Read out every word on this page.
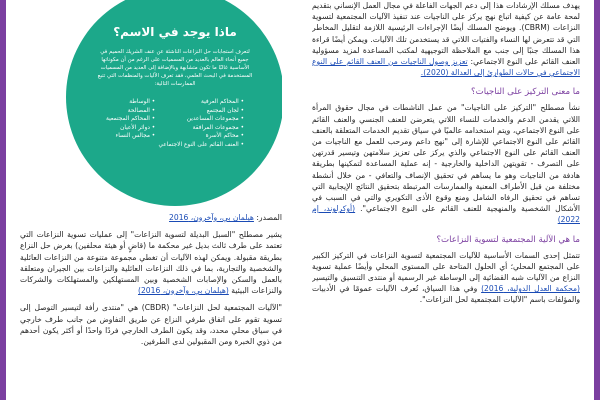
يهدف مسلك الإرشادات هذا إلى دعم الجهات الفاعلة في مجال العمل الإنساني بتقديم لمحة عامة عن كيفية اتباع نهج يركز على الناجيات عند تنفيذ الآليات المجتمعية لتسوية النزاعات (CBRM). ويوضح المسلك أيضًا الإجراءات الرئيسية اللازمة لتقليل المخاطر التي قد تتعرض لها النساء والفتيات اللاتي قد يستخدمن تلك الآليات. ويمكن أيضًا قراءة هذا المسلك جنبًا إلى جنب مع الملاحظة التوجيهية لمكتب المساعدة لمزيد مسؤولية العنف القائم على النوع الاجتماعي: تعزيز وصول الناجيات من العنف القائم على النوع الاجتماعي في حالات الطوارئ إلى العدالة (2020).

ما معنى التركيز على الناجيات؟

نشأ مصطلح "التركيز على الناجيات" من عمل الناشطات في مجال حقوق المرأة اللاتي يقدمن الدعم والخدمات للنساء اللاتي يتعرضن للعنف الجنسي والعنف القائم على النوع الاجتماعي، ويتم استخدامه عالميًا في سياق تقديم الخدمات المتعلقة بالعنف القائم على النوع الاجتماعي للإشارة إلى "نهج داعم ومرحب للعمل مع الناجيات من العنف القائم على النوع الاجتماعي والذي يركز على تعزيز سلامتهن وتيسير قدرتهن على التصرف - تقويتهن الداخلية والخارجية - إنه عملية المساعدة لتمكينها بطريقة هادفة من الناجيات وهو ما يساهم في تحقيق الإنصاف والتعافي - من خلال أنشطة مختلفة من قبل الأطراف المعنية والممارسات المرتبطة بتحقيق النتائج الإيجابية التي تساهم في تحقيق الرفاه الشامل ومنع وقوع الأذى التكويري والتي في السبب في الأشكال الشخصية والمنهجية للعنف القائم على النوع الاجتماعي". (أوكرلوند، إم 2022)

ما هي الآلية المجتمعية لتسوية النزاعات؟

تتمثل إحدى السمات الأساسية للآليات المجتمعية لتسوية النزاعات في التركيز الكبير على المجتمع المحلي؛ أي الحلول المتاحة على المستوى المحلي وأيضًا عملية تسوية النزاع من الآليات شبه القضائية إلى الوساطة غير الرسمية أو منتدى التنسيق والتيسير (محكمة العدل الدولية، 2016) وفي هذا السياق، تُعرف الآليات عمومًا في الأدبيات والمؤلفات باسم "الآليات المجتمعية لحل النزاعات".

ماذا يوجد في الاسم؟
لتعرف استجابات حل النزاعات الناشئة عن عنف الشريك الحميم في جميع أنحاء العالم بالعديد من المسميات على الرغم من أن مكوناتها الأساسية غالبًا ما تكون متشابهة وبالإضافة إلى العديد من المسميات المستخدمة في البحث العلمي، فقد تعرف الآليات والمنظمات التي تتبع الممارسات التالية:
• المحاكم العرفية
• لجان المجتمع
• مجموعات المساعدين
• مجموعات المرافقة
• محاكم الأسرة
• العنف القائم على النوع الاجتماعي
• الوساطة
• المصالحة
• المحاكم المجتمعية
• دوائر الأعيان
• مجالس النساء

المصدر: هيلمان بي، وآخرون، 2016

يشير مصطلح "السبل البديلة لتسوية النزاعات" إلى عمليات تسوية النزاعات التي تعتمد على طرف ثالث بديل غير محكمة ما (قاضٍ أو هيئة محلفين) بغرض حل النزاع بطريقة مقبولة. ويمكن لهذه الآليات أن تغطي مجموعة متنوعة من النزاعات العائلية والشخصية والتجارية، بما في ذلك النزاعات العائلية والنزاعات بين الجيران ومتعلقة بالعمل والسكن والإصابات الشخصية وبين المستهلكين والمستهلكات والشركات والنزاعات البيئية (هيلمان بي، وآخرون، 2016)

"الآليات المجتمعية لحل النزاعات" (CBDR) هي "منتدى رأفة لتيسير التوصل إلى تسوية تقوم على اتفاق طرفي النزاع عن طريق التفاوض من جانب طرف خارجي في سياق محلي محدد، وقد يكون الطرف الخارجي فردًا واحدًا أو أكثر يكون أحدهم من ذوي الخبرة ومن المقبولين لدى الطرفين.
